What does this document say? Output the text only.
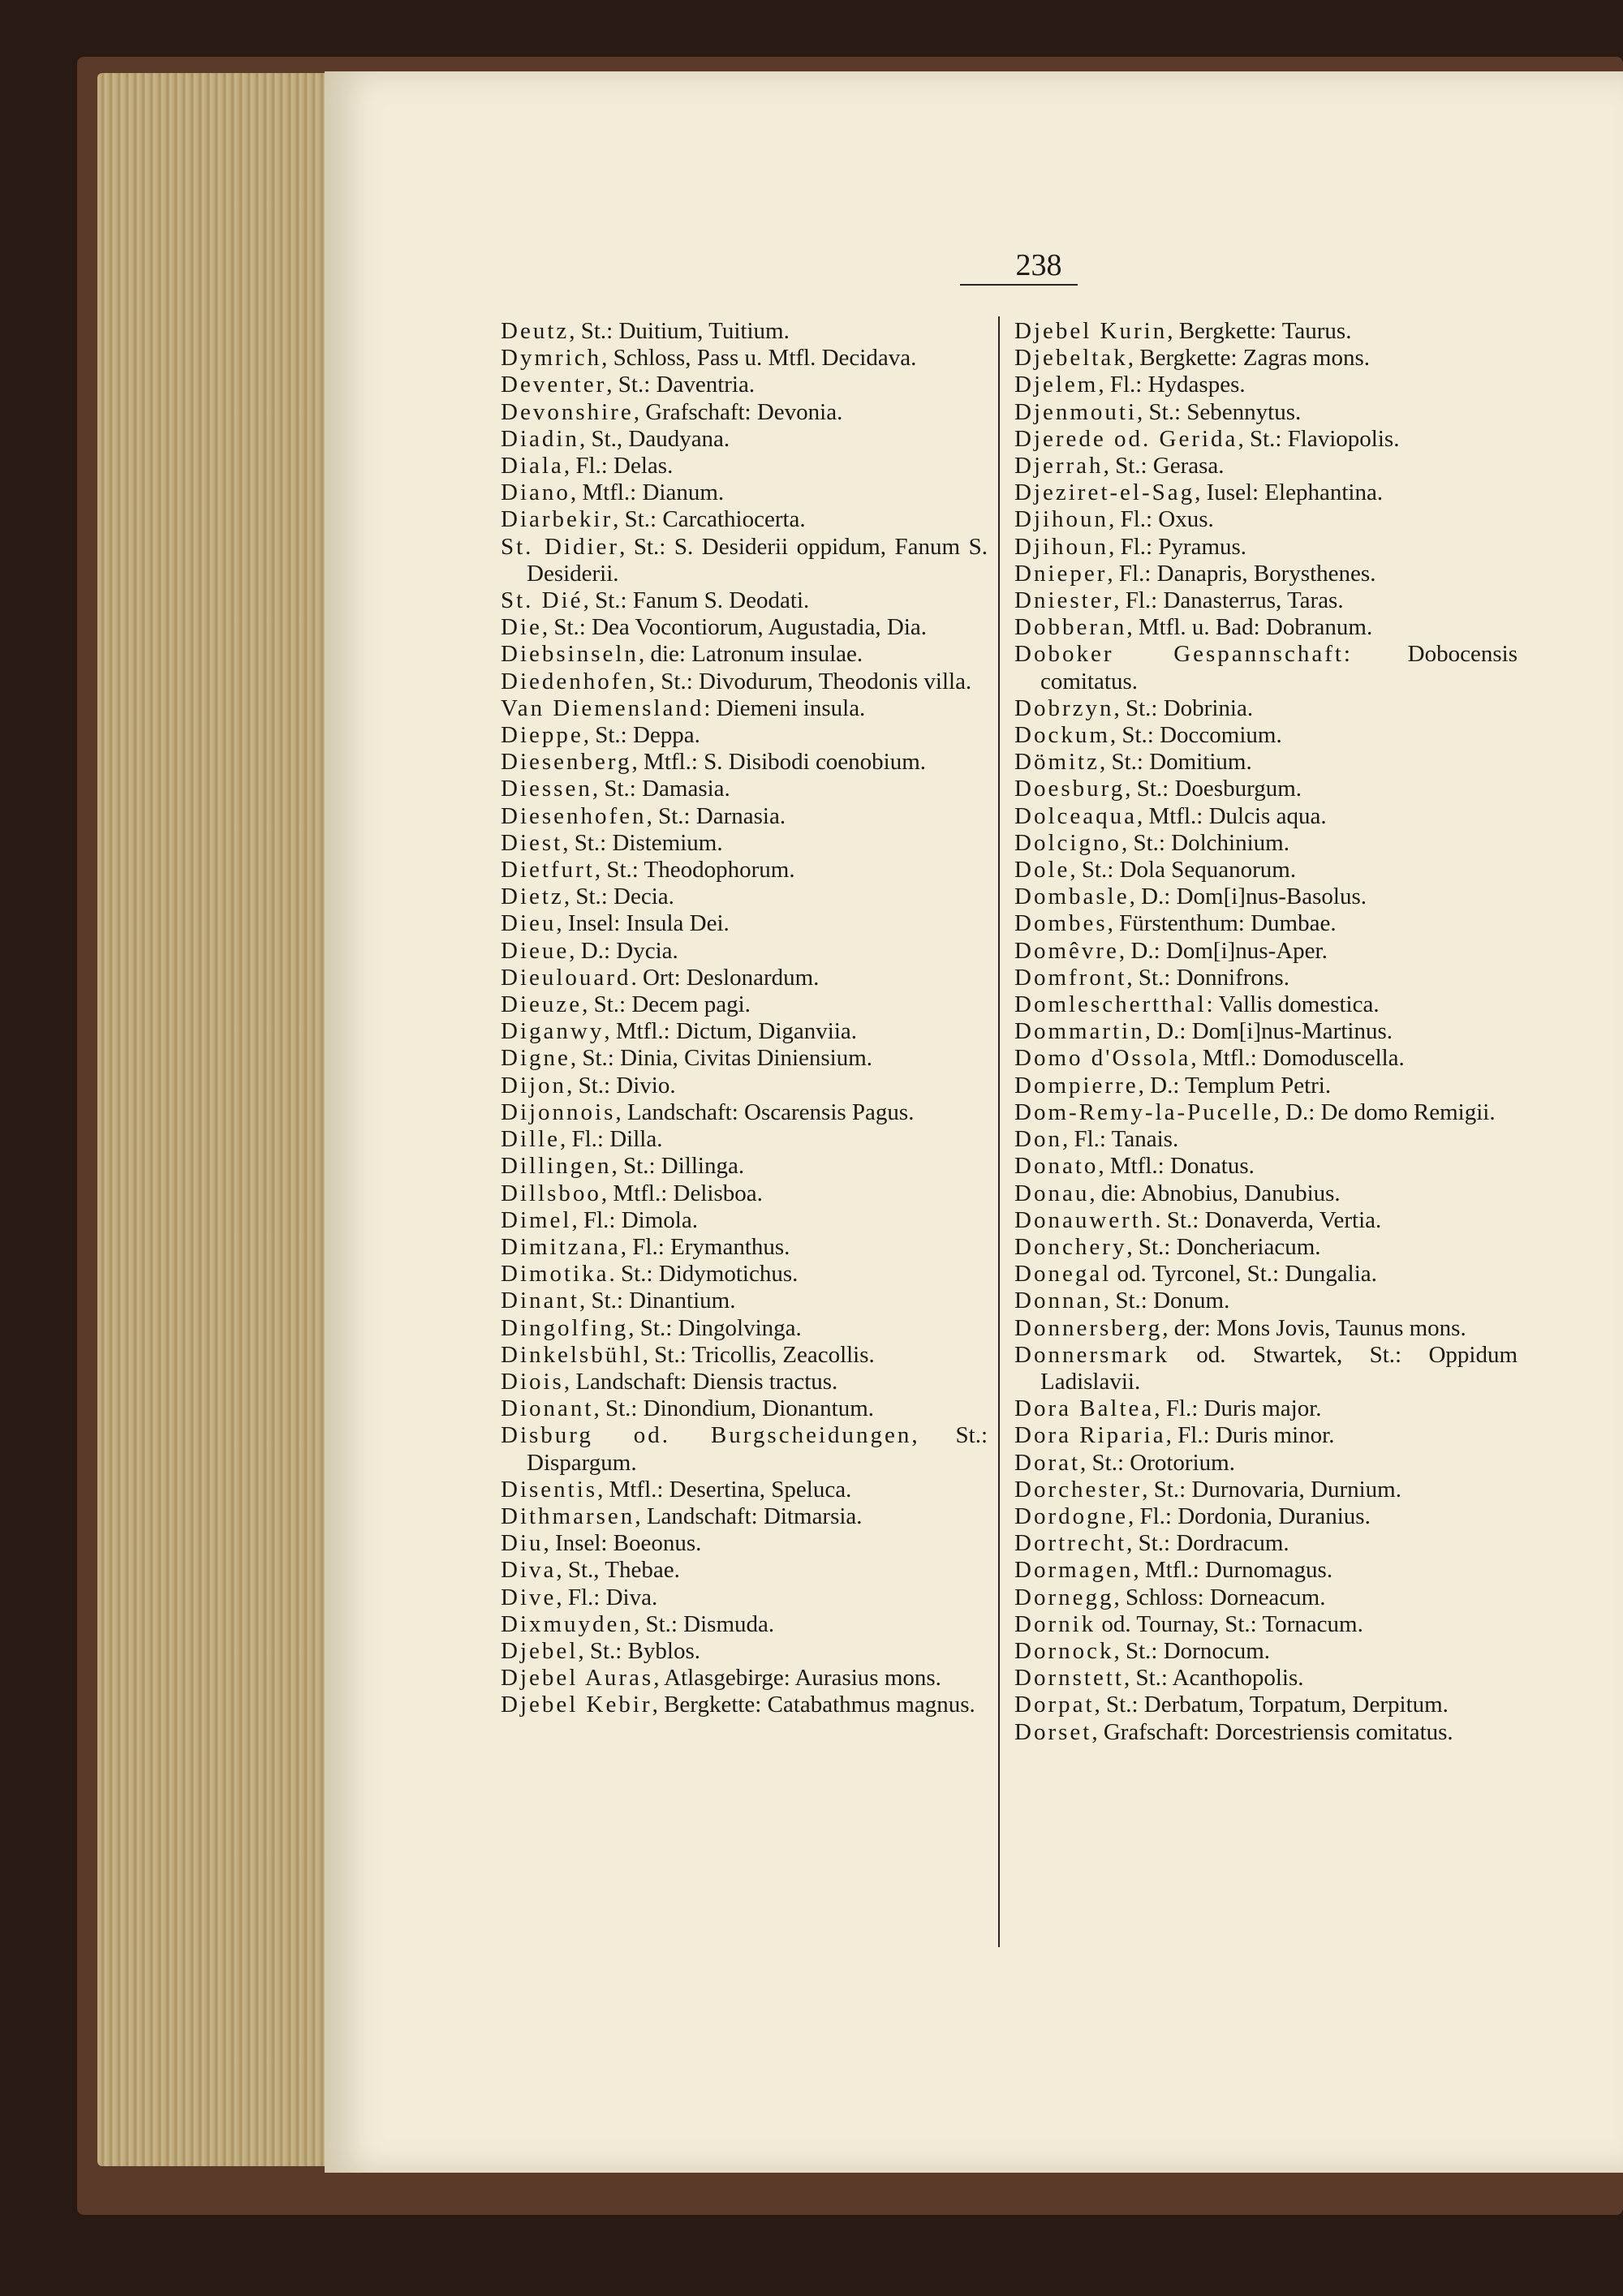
238
Deutz, St.: Duitium, Tuitium.
Dymrich, Schloss, Pass u. Mtfl. Decidava.
Deventer, St.: Daventria.
Devonshire, Grafschaft: Devonia.
Diadin, St., Daudyana.
Diala, Fl.: Delas.
Diano, Mtfl.: Dianum.
Diarbekir, St.: Carcathiocerta.
St. Didier, St.: S. Desiderii oppidum, Fanum S. Desiderii.
St. Dié, St.: Fanum S. Deodati.
Die, St.: Dea Vocontiorum, Augustadia, Dia.
Diebsinseln, die: Latronum insulae.
Diedenhofen, St.: Divodurum, Theodonis villa.
Van Diemensland: Diemeni insula.
Dieppe, St.: Deppa.
Diesenberg, Mtfl.: S. Disibodi coenobium.
Diessen, St.: Damasia.
Diesenhofen, St.: Darnasia.
Diest, St.: Distemium.
Dietfurt, St.: Theodophorum.
Dietz, St.: Decia.
Dieu, Insel: Insula Dei.
Dieue, D.: Dycia.
Dieulouard. Ort: Deslonardum.
Dieuze, St.: Decem pagi.
Diganwy, Mtfl.: Dictum, Diganviia.
Digne, St.: Dinia, Civitas Diniensium.
Dijon, St.: Divio.
Dijonnois, Landschaft: Oscarensis Pagus.
Dille, Fl.: Dilla.
Dillingen, St.: Dillinga.
Dillsboo, Mtfl.: Delisboa.
Dimel, Fl.: Dimola.
Dimitzana, Fl.: Erymanthus.
Dimotika. St.: Didymotichus.
Dinant, St.: Dinantium.
Dingolfing, St.: Dingolvinga.
Dinkelsbühl, St.: Tricollis, Zeacollis.
Diois, Landschaft: Diensis tractus.
Dionant, St.: Dinondium, Dionantum.
Disburg od. Burgscheidungen, St.: Dispargum.
Disentis, Mtfl.: Desertina, Speluca.
Dithmarsen, Landschaft: Ditmarsia.
Diu, Insel: Boeonus.
Diva, St., Thebae.
Dive, Fl.: Diva.
Dixmuyden, St.: Dismuda.
Djebel, St.: Byblos.
Djebel Auras, Atlasgebirge: Aurasius mons.
Djebel Kebir, Bergkette: Catabathmus magnus.
Djebel Kurin, Bergkette: Taurus.
Djebeltak, Bergkette: Zagras mons.
Djelem, Fl.: Hydaspes.
Djenmouti, St.: Sebennytus.
Djerede od. Gerida, St.: Flaviopolis.
Djerrah, St.: Gerasa.
Djeziret-el-Sag, Iusel: Elephantina.
Djihoun, Fl.: Oxus.
Djihoun, Fl.: Pyramus.
Dnieper, Fl.: Danapris, Borysthenes.
Dniester, Fl.: Danasterrus, Taras.
Dobberan, Mtfl. u. Bad: Dobranum.
Doboker Gespannschaft: Dobocensis comitatus.
Dobrzyn, St.: Dobrinia.
Dockum, St.: Doccomium.
Dömitz, St.: Domitium.
Doesburg, St.: Doesburgum.
Dolceaqua, Mtfl.: Dulcis aqua.
Dolcigno, St.: Dolchinium.
Dole, St.: Dola Sequanorum.
Dombasle, D.: Dom[i]nus-Basolus.
Dombes, Fürstenthum: Dumbae.
Domêvre, D.: Dom[i]nus-Aper.
Domfront, St.: Donnifrons.
Domleschertthal: Vallis domestica.
Dommartin, D.: Dom[i]nus-Martinus.
Domo d'Ossola, Mtfl.: Domoduscella.
Dompierre, D.: Templum Petri.
Dom-Remy-la-Pucelle, D.: De domo Remigii.
Don, Fl.: Tanais.
Donato, Mtfl.: Donatus.
Donau, die: Abnobius, Danubius.
Donauwerth. St.: Donaverda, Vertia.
Donchery, St.: Doncheriacum.
Donegal od. Tyrconel, St.: Dungalia.
Donnan, St.: Donum.
Donnersberg, der: Mons Jovis, Taunus mons.
Donnersmark od. Stwartek, St.: Oppidum Ladislavii.
Dora Baltea, Fl.: Duris major.
Dora Riparia, Fl.: Duris minor.
Dorat, St.: Orotorium.
Dorchester, St.: Durnovaria, Durnium.
Dordogne, Fl.: Dordonia, Duranius.
Dortrecht, St.: Dordracum.
Dormagen, Mtfl.: Durnomagus.
Dornegg, Schloss: Dorneacum.
Dornik od. Tournay, St.: Tornacum.
Dornock, St.: Dornocum.
Dornstett, St.: Acanthopolis.
Dorpat, St.: Derbatum, Torpatum, Derpitum.
Dorset, Grafschaft: Dorcestriensis comitatus.
